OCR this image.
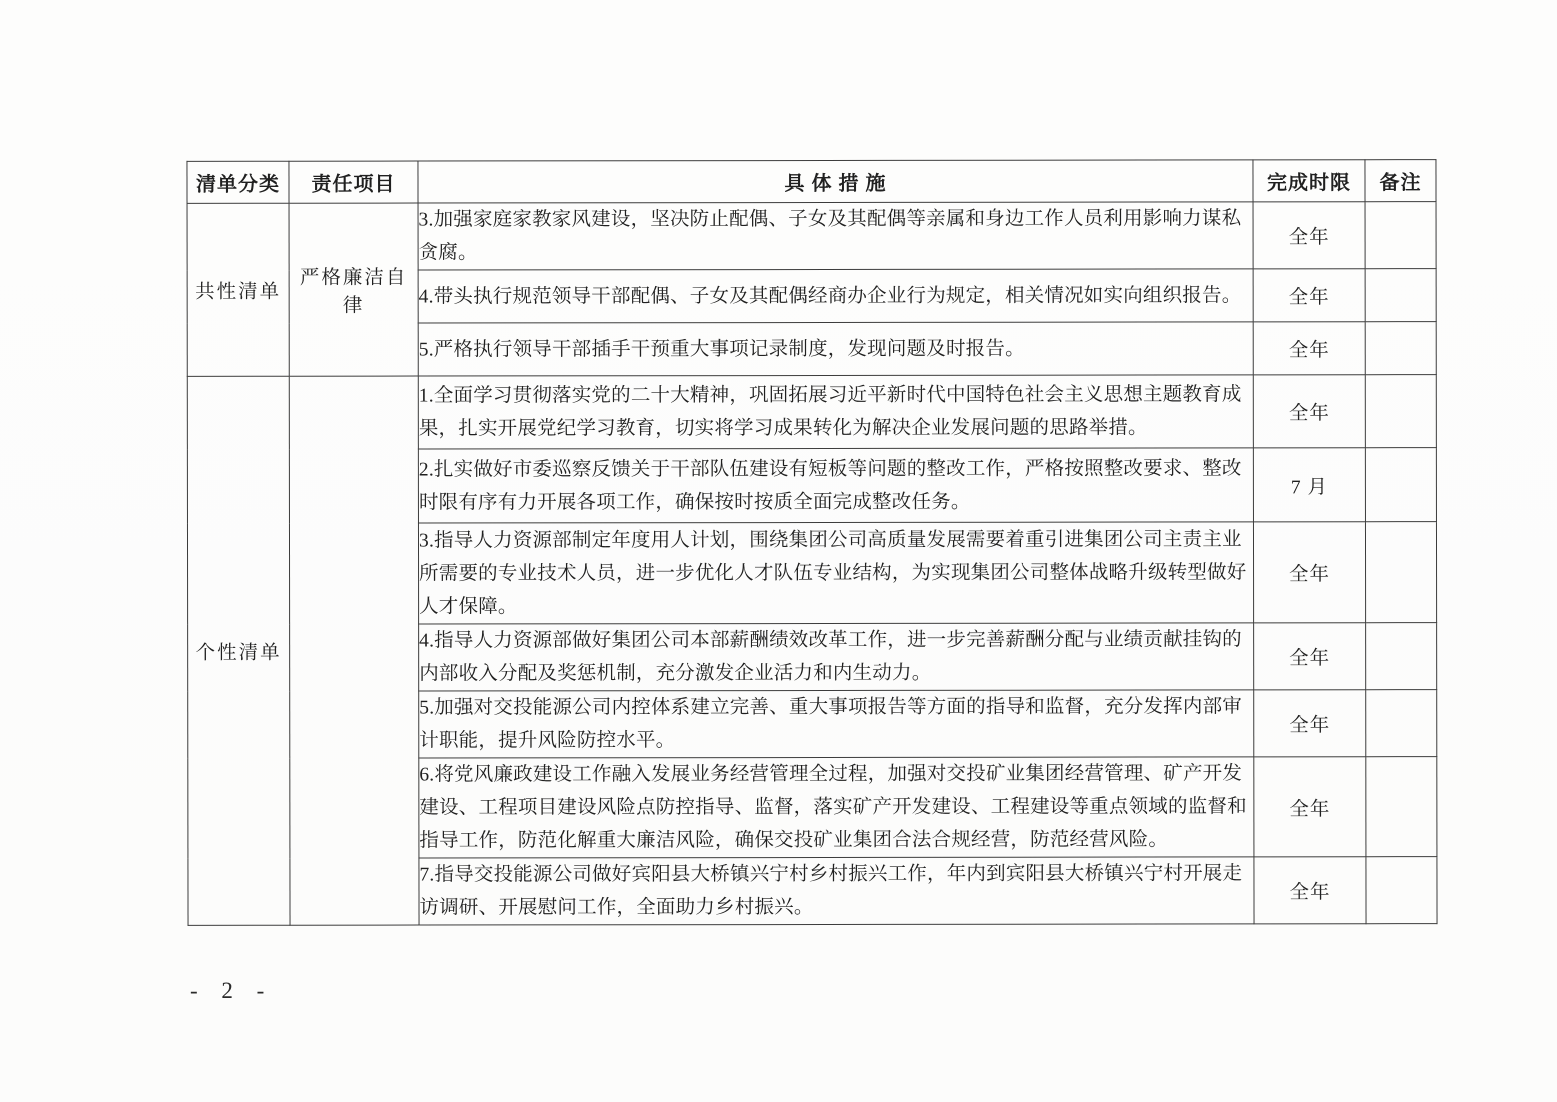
清单分类	责任项目	具 体 措 施	完成时限	备注
共性清单	严格廉洁自律	3.加强家庭家教家风建设，坚决防止配偶、子女及其配偶等亲属和身边工作人员利用影响力谋私贪腐。	全年	
		4.带头执行规范领导干部配偶、子女及其配偶经商办企业行为规定，相关情况如实向组织报告。	全年	
		5.严格执行领导干部插手干预重大事项记录制度，发现问题及时报告。	全年	
个性清单		1.全面学习贯彻落实党的二十大精神，巩固拓展习近平新时代中国特色社会主义思想主题教育成果，扎实开展党纪学习教育，切实将学习成果转化为解决企业发展问题的思路举措。	全年	
		2.扎实做好市委巡察反馈关于干部队伍建设有短板等问题的整改工作，严格按照整改要求、整改时限有序有力开展各项工作，确保按时按质全面完成整改任务。	7 月	
		3.指导人力资源部制定年度用人计划，围绕集团公司高质量发展需要着重引进集团公司主责主业所需要的专业技术人员，进一步优化人才队伍专业结构，为实现集团公司整体战略升级转型做好人才保障。	全年	
		4.指导人力资源部做好集团公司本部薪酬绩效改革工作，进一步完善薪酬分配与业绩贡献挂钩的内部收入分配及奖惩机制，充分激发企业活力和内生动力。	全年	
		5.加强对交投能源公司内控体系建立完善、重大事项报告等方面的指导和监督，充分发挥内部审计职能，提升风险防控水平。	全年	
		6.将党风廉政建设工作融入发展业务经营管理全过程，加强对交投矿业集团经营管理、矿产开发建设、工程项目建设风险点防控指导、监督，落实矿产开发建设、工程建设等重点领域的监督和指导工作，防范化解重大廉洁风险，确保交投矿业集团合法合规经营，防范经营风险。	全年	
		7.指导交投能源公司做好宾阳县大桥镇兴宁村乡村振兴工作，年内到宾阳县大桥镇兴宁村开展走访调研、开展慰问工作，全面助力乡村振兴。	全年	
- 2 -
